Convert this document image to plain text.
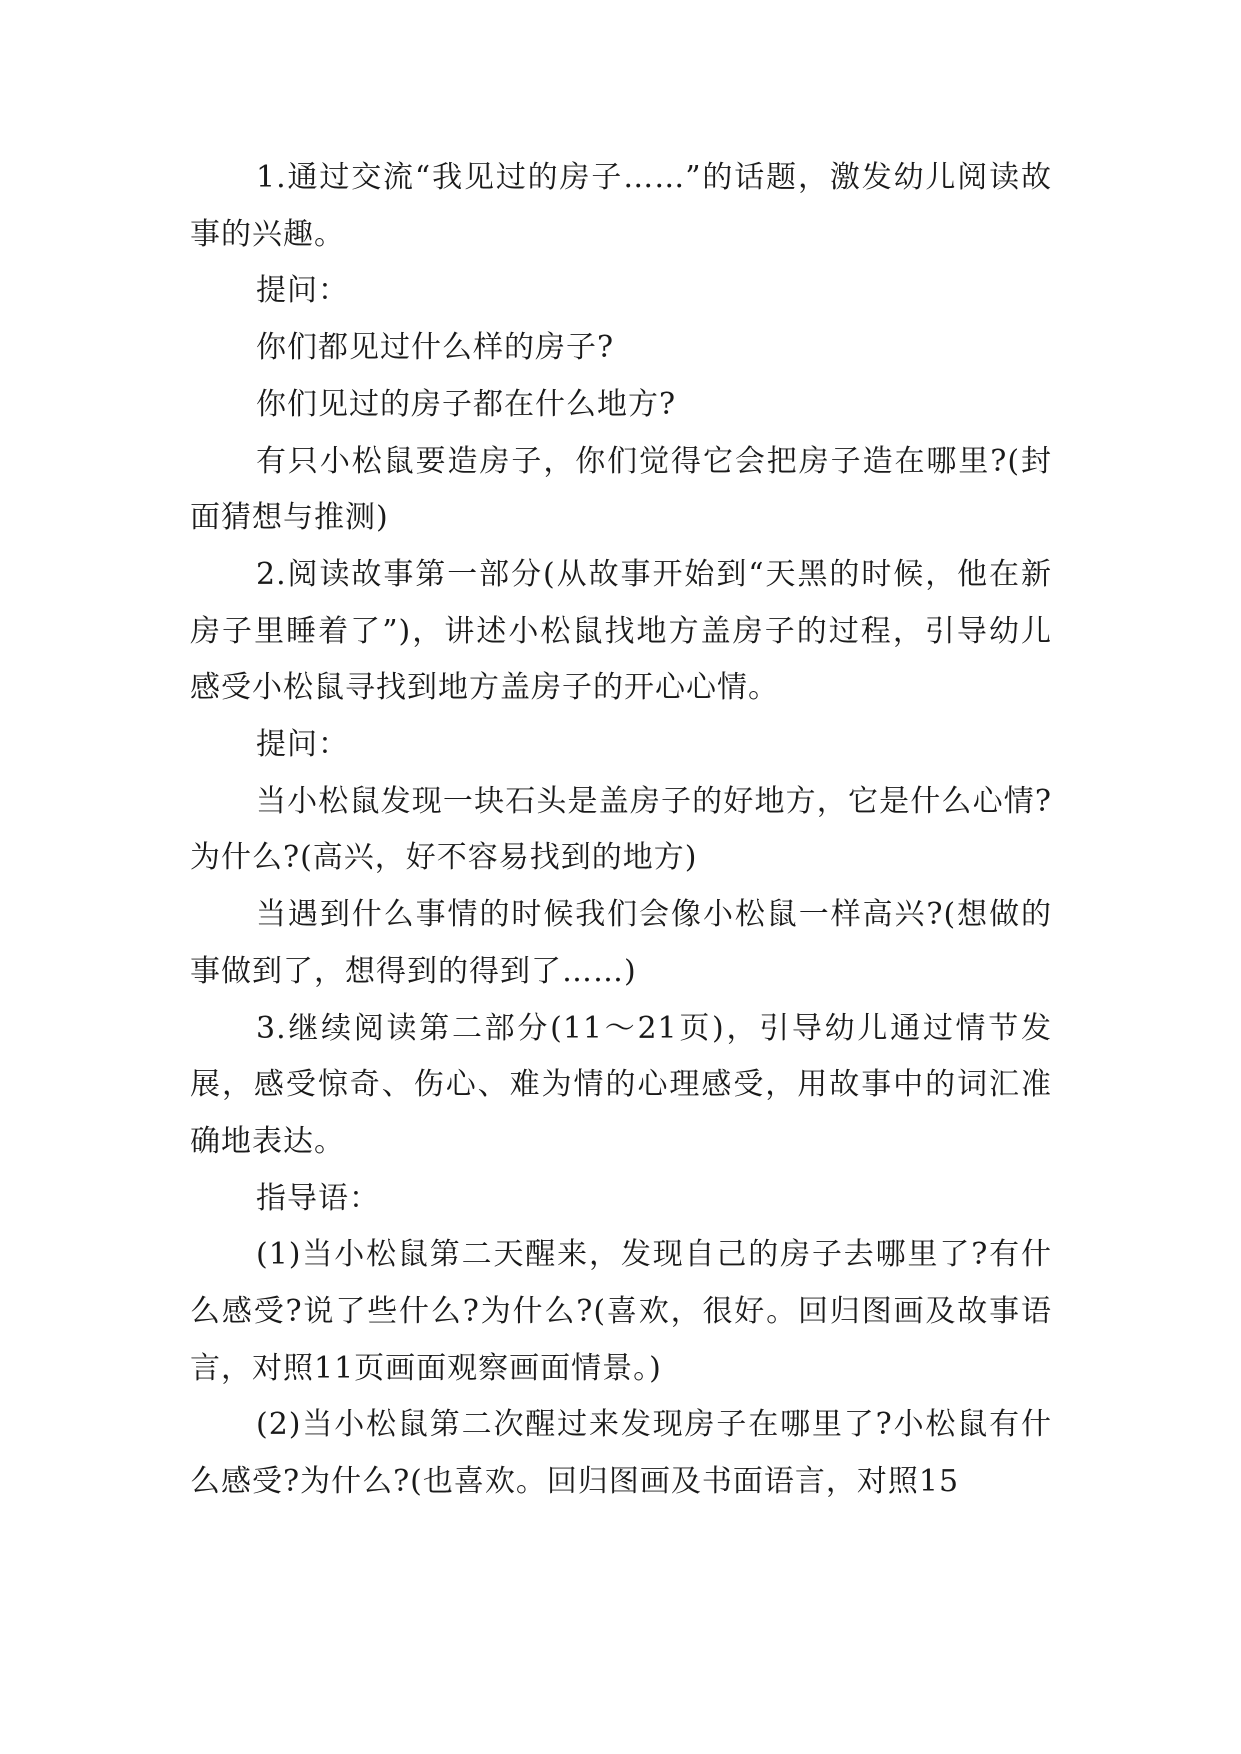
1.通过交流“我见过的房子……”的话题，激发幼儿阅读故事的兴趣。

提问：

你们都见过什么样的房子?

你们见过的房子都在什么地方?

有只小松鼠要造房子，你们觉得它会把房子造在哪里?(封面猜想与推测)

2.阅读故事第一部分(从故事开始到“天黑的时候，他在新房子里睡着了”)，讲述小松鼠找地方盖房子的过程，引导幼儿感受小松鼠寻找到地方盖房子的开心心情。

提问：

当小松鼠发现一块石头是盖房子的好地方，它是什么心情?为什么?(高兴，好不容易找到的地方)

当遇到什么事情的时候我们会像小松鼠一样高兴?(想做的事做到了，想得到的得到了……)

3.继续阅读第二部分(11～21页)，引导幼儿通过情节发展，感受惊奇、伤心、难为情的心理感受，用故事中的词汇准确地表达。

指导语：

(1)当小松鼠第二天醒来，发现自己的房子去哪里了?有什么感受?说了些什么?为什么?(喜欢，很好。回归图画及故事语言，对照11页画面观察画面情景。)

(2)当小松鼠第二次醒过来发现房子在哪里了?小松鼠有什么感受?为什么?(也喜欢。回归图画及书面语言，对照15
